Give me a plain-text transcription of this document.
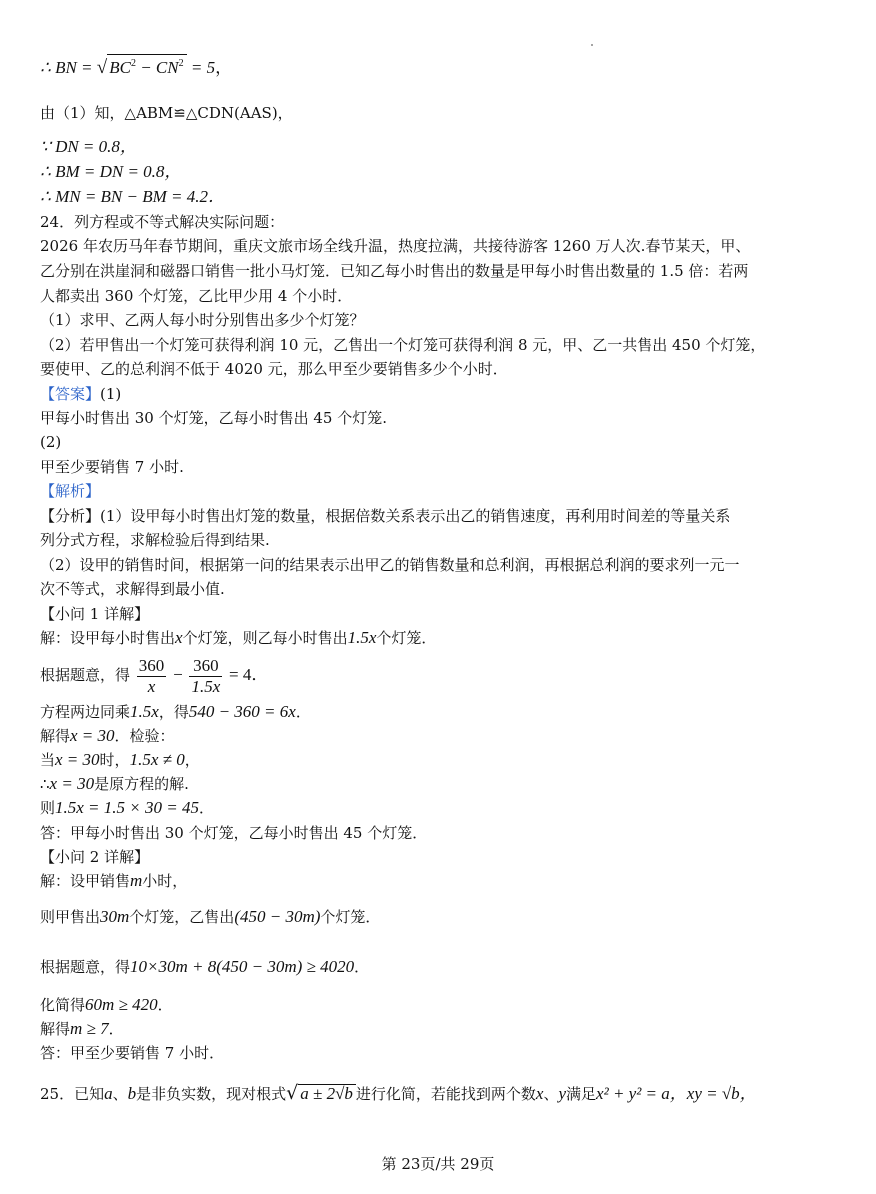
∴ BN = √ $BC^2 - CN^2 = 5$，
由（1）知，△ABM≌△CDN(AAS)，
∵ DN = 0.8，
∴ BM = DN = 0.8，
∴ MN = BN − BM = 4.2．
24．列方程或不等式解决实际问题：
2026 年农历马年春节期间，重庆文旅市场全线升温，热度拉满，共接待游客 1260 万人次.春节某天，甲、
乙分别在洪崖洞和磁器口销售一批小马灯笼．已知乙每小时售出的数量是甲每小时售出数量的 1.5 倍：若两
人都卖出 360 个灯笼，乙比甲少用 4 个小时．
（1）求甲、乙两人每小时分别售出多少个灯笼？
（2）若甲售出一个灯笼可获得利润 10 元，乙售出一个灯笼可获得利润 8 元，甲、乙一共售出 450 个灯笼，
要使甲、乙的总利润不低于 4020 元，那么甲至少要销售多少个小时．
【答案】(1)
甲每小时售出 30 个灯笼，乙每小时售出 45 个灯笼.
(2)
甲至少要销售 7 小时.
【解析】
【分析】(1）设甲每小时售出灯笼的数量，根据倍数关系表示出乙的销售速度，再利用时间差的等量关系
列分式方程，求解检验后得到结果.
（2）设甲的销售时间，根据第一问的结果表示出甲乙的销售数量和总利润，再根据总利润的要求列一元一
次不等式，求解得到最小值.
【小问 1 详解】
解：设甲每小时售出x个灯笼，则乙每小时售出1.5x个灯笼．
根据题意，得 $\frac{360}{x} - \frac{360}{1.5x} = 4$．
方程两边同乘1.5x，得540 − 360 = 6x．
解得x = 30．检验：
当x = 30时，1.5x ≠ 0，
∴x = 30是原方程的解.
则1.5x = 1.5 × 30 = 45．
答：甲每小时售出 30 个灯笼，乙每小时售出 45 个灯笼．
【小问 2 详解】
解：设甲销售m小时，
则甲售出30m个灯笼，乙售出(450 − 30m)个灯笼．
根据题意，得10×30m + 8(450 − 30m) ≥ 4020．
化简得60m ≥ 420．
解得m ≥ 7．
答：甲至少要销售 7 小时．
25．已知a、b是非负实数，现对根式√ a ± 2√b 进行化简，若能找到两个数x、y满足x² + y² = a，xy = √b，
第 23页/共 29页
